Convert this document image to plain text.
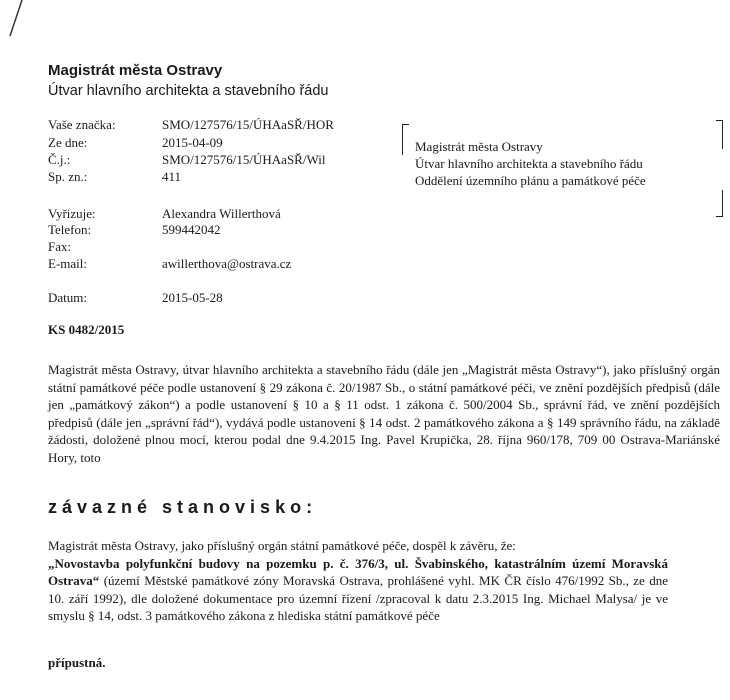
Magistrát města Ostravy
Útvar hlavního architekta a stavebního řádu
Vaše značka:	SMO/127576/15/ÚHAaSŘ/HOR
Ze dne:	2015-04-09
Č.j.:	SMO/127576/15/ÚHAaSŘ/Wil
Sp. zn.:	411
Vyřizuje:	Alexandra Willerthová
Telefon:	599442042
Fax:
E-mail:	awillerthova@ostrava.cz
Datum:	2015-05-28
Magistrát města Ostravy
Útvar hlavního architekta a stavebního řádu
Oddělení územního plánu a památkové péče
KS 0482/2015
Magistrát města Ostravy, útvar hlavního architekta a stavebního řádu (dále jen „Magistrát města Ostravy“), jako příslušný orgán státní památkové péče podle ustanovení § 29 zákona č. 20/1987 Sb., o státní památkové péči, ve znění pozdějších předpisů (dále jen „památkový zákon“) a podle ustanovení § 10 a § 11 odst. 1 zákona č. 500/2004 Sb., správní řád, ve znění pozdějších předpisů (dále jen „správní řád“), vydává podle ustanovení § 14 odst. 2 památkového zákona a § 149 správního řádu, na základě žádosti, doložené plnou mocí, kterou podal dne 9.4.2015 Ing. Pavel Krupička, 28. října 960/178, 709 00 Ostrava-Mariánské Hory, toto
závazné stanovisko:
Magistrát města Ostravy, jako příslušný orgán státní památkové péče, dospěl k závěru, že:
„Novostavba polyfunkční budovy na pozemku p. č. 376/3, ul. Švabinského, katastrálním území Moravská Ostrava“ (území Městské památkové zóny Moravská Ostrava, prohlášené vyhl. MK ČR číslo 476/1992 Sb., ze dne 10. září 1992), dle doložené dokumentace pro územní řízení /zpracoval k datu 2.3.2015 Ing. Michael Malysa/ je ve smyslu § 14, odst. 3 památkového zákona z hlediska státní památkové péče
přípustná.
